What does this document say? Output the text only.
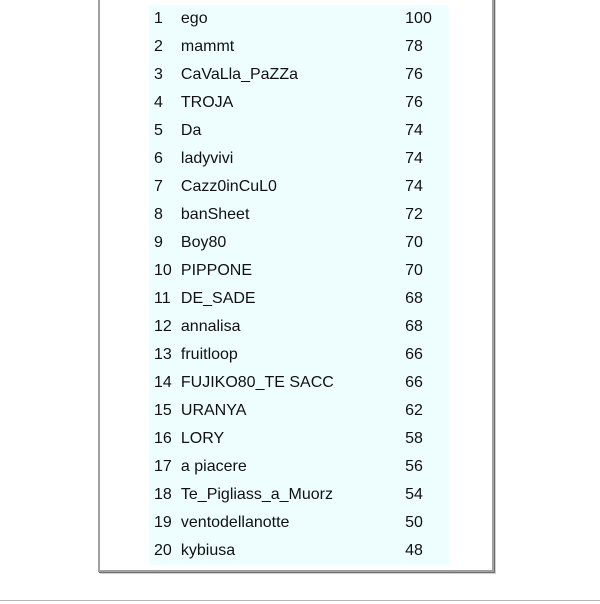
1	ego	100
2	mammt	78
3	CaVaLla_PaZZa	76
4	TROJA	76
5	Da	74
6	ladyvivi	74
7	Cazz0inCuL0	74
8	banSheet	72
9	Boy80	70
10	PIPPONE	70
11	DE_SADE	68
12	annalisa	68
13	fruitloop	66
14	FUJIKO80_TE SACC	66
15	URANYA	62
16	LORY	58
17	a piacere	56
18	Te_Pigliass_a_Muorz	54
19	ventodellanotte	50
20	kybiusa	48
